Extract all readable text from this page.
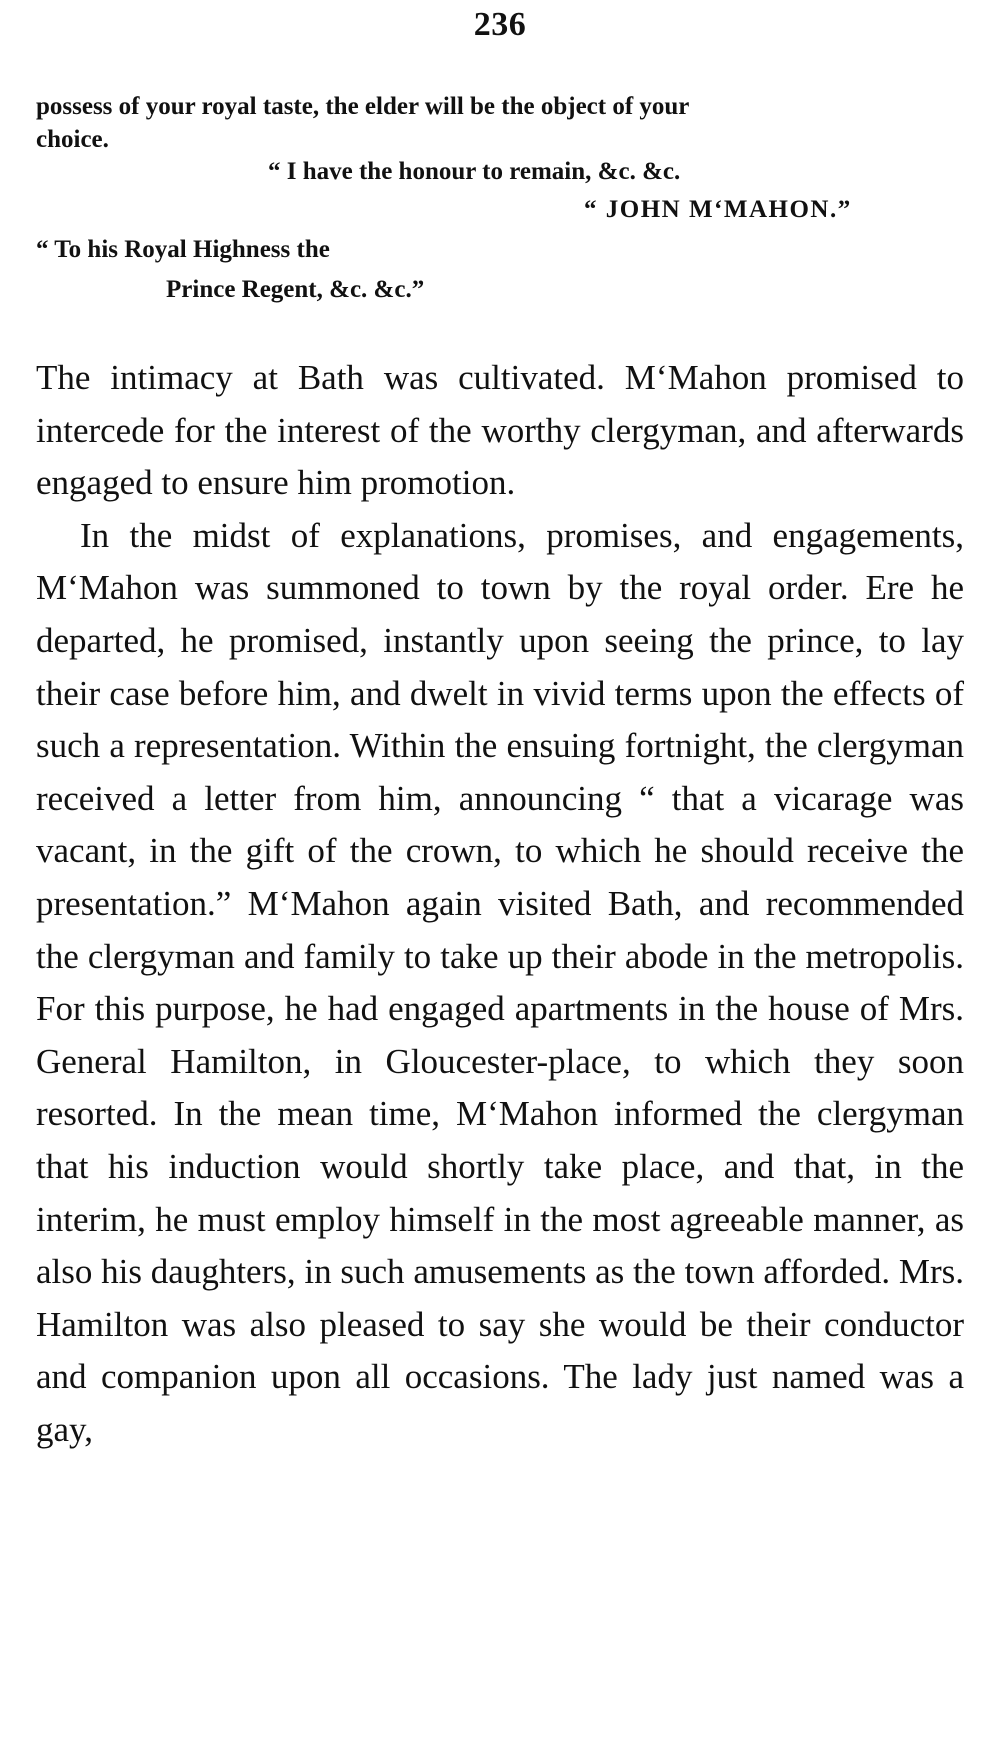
236
possess of your royal taste, the elder will be the object of your
choice.
“ I have the honour to remain, &c. &c.
“ JOHN M‘MAHON.”
“ To his Royal Highness the
Prince Regent, &c. &c.”

The intimacy at Bath was cultivated. M‘Mahon promised to intercede for the interest of the worthy clergyman, and afterwards engaged to ensure him promotion.

In the midst of explanations, promises, and engagements, M‘Mahon was summoned to town by the royal order. Ere he departed, he promised, instantly upon seeing the prince, to lay their case before him, and dwelt in vivid terms upon the effects of such a representation. Within the ensuing fortnight, the clergyman received a letter from him, announcing “ that a vicarage was vacant, in the gift of the crown, to which he should receive the presentation.” M‘Mahon again visited Bath, and recommended the clergyman and family to take up their abode in the metropolis. For this purpose, he had engaged apartments in the house of Mrs. General Hamilton, in Gloucester-place, to which they soon resorted. In the mean time, M‘Mahon informed the clergyman that his induction would shortly take place, and that, in the interim, he must employ himself in the most agreeable manner, as also his daughters, in such amusements as the town afforded. Mrs. Hamilton was also pleased to say she would be their conductor and companion upon all occasions. The lady just named was a gay,
